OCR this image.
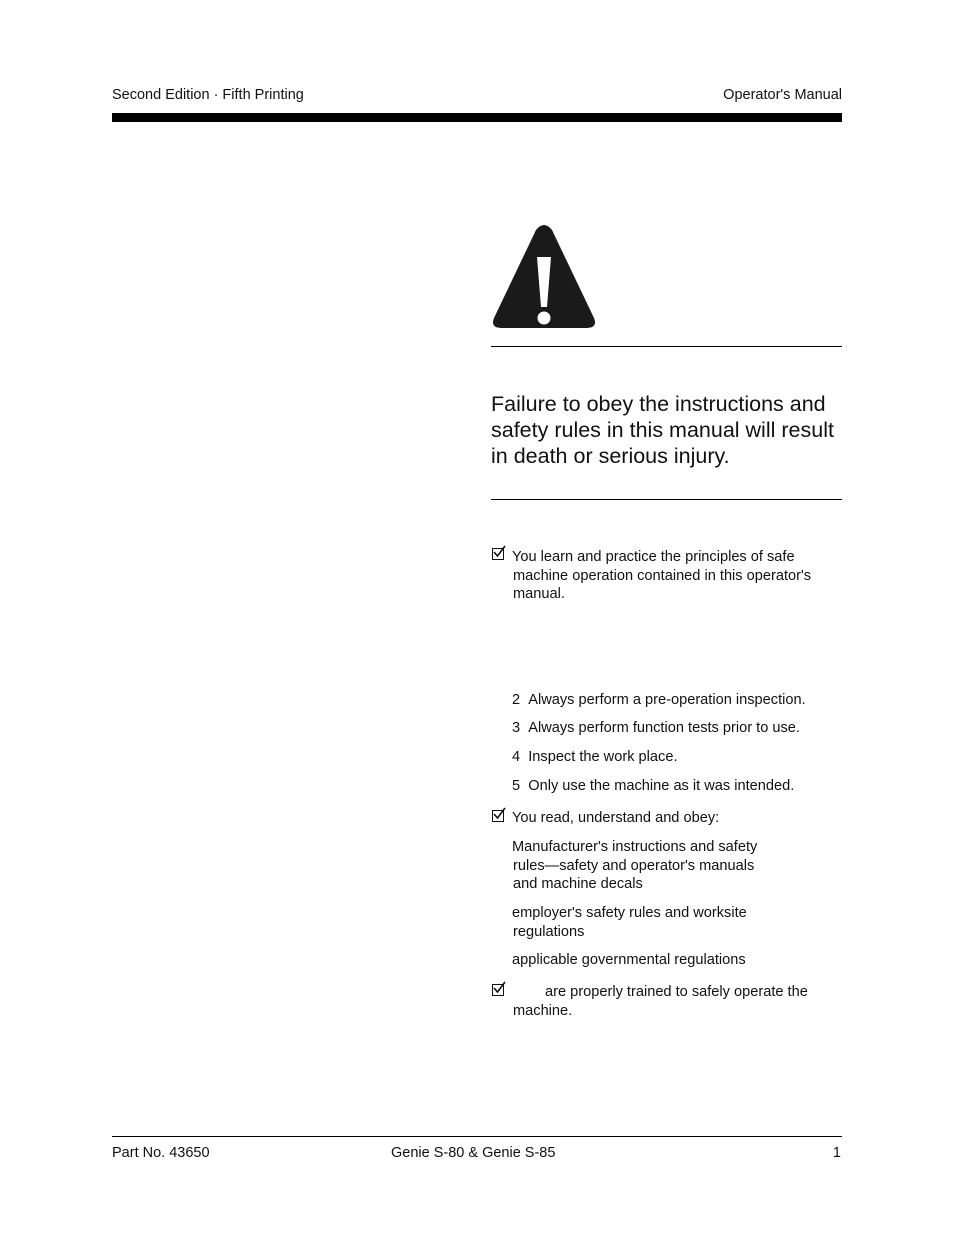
Second Edition · Fifth Printing	Operator's Manual
Failure to obey the instructions and
safety rules in this manual will result
in death or serious injury.
You learn and practice the principles of safe
machine operation contained in this operator's
manual.
2 Always perform a pre-operation inspection.
3 Always perform function tests prior to use.
4 Inspect the work place.
5 Only use the machine as it was intended.
You read, understand and obey:
Manufacturer's instructions and safety
rules—safety and operator's manuals
and machine decals
employer's safety rules and worksite
regulations
applicable governmental regulations
are properly trained to safely operate the
machine.
Part No. 43650	Genie S-80 & Genie S-85	1
